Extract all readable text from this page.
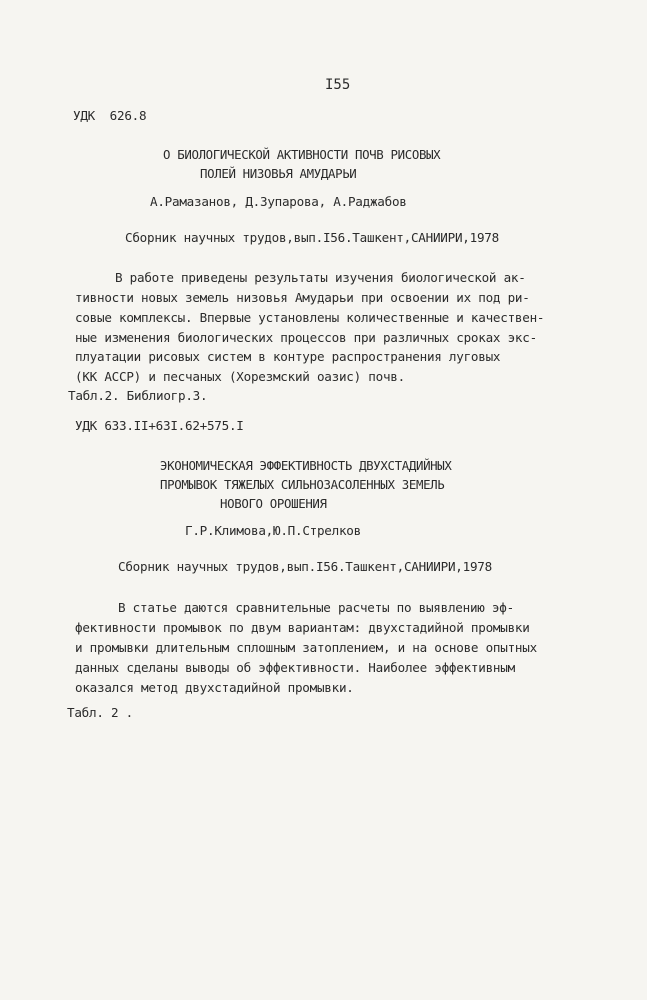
I55
УДК  626.8
О БИОЛОГИЧЕСКОЙ АКТИВНОСТИ ПОЧВ РИСОВЫХ
ПОЛЕЙ НИЗОВЬЯ АМУДАРЬИ
А.Рамазанов, Д.Зупарова, А.Раджабов
Сборник научных трудов,вып.I56.Ташкент,САНИИРИ,1978
В работе приведены результаты изучения биологической ак-
тивности новых земель низовья Амударьи при освоении их под ри-
совые комплексы. Впервые установлены количественные и качествен-
ные изменения биологических процессов при различных сроках экс-
плуатации рисовых систем в контуре распространения луговых
(КК АССР) и песчаных (Хорезмский оазис) почв.
Табл.2. Библиогр.3.
УДК 633.II+63I.62+575.I
ЭКОНОМИЧЕСКАЯ ЭФФЕКТИВНОСТЬ ДВУХСТАДИЙНЫХ
ПРОМЫВОК ТЯЖЕЛЫХ СИЛЬНОЗАСОЛЕННЫХ ЗЕМЕЛЬ
НОВОГО ОРОШЕНИЯ
Г.Р.Климова,Ю.П.Стрелков
Сборник научных трудов,вып.I56.Ташкент,САНИИРИ,1978
В статье даются сравнительные расчеты по выявлению эф-
фективности промывок по двум вариантам: двухстадийной промывки
и промывки длительным сплошным затоплением, и на основе опытных
данных сделаны выводы об эффективности. Наиболее эффективным
оказался метод двухстадийной промывки.
Табл. 2 .
